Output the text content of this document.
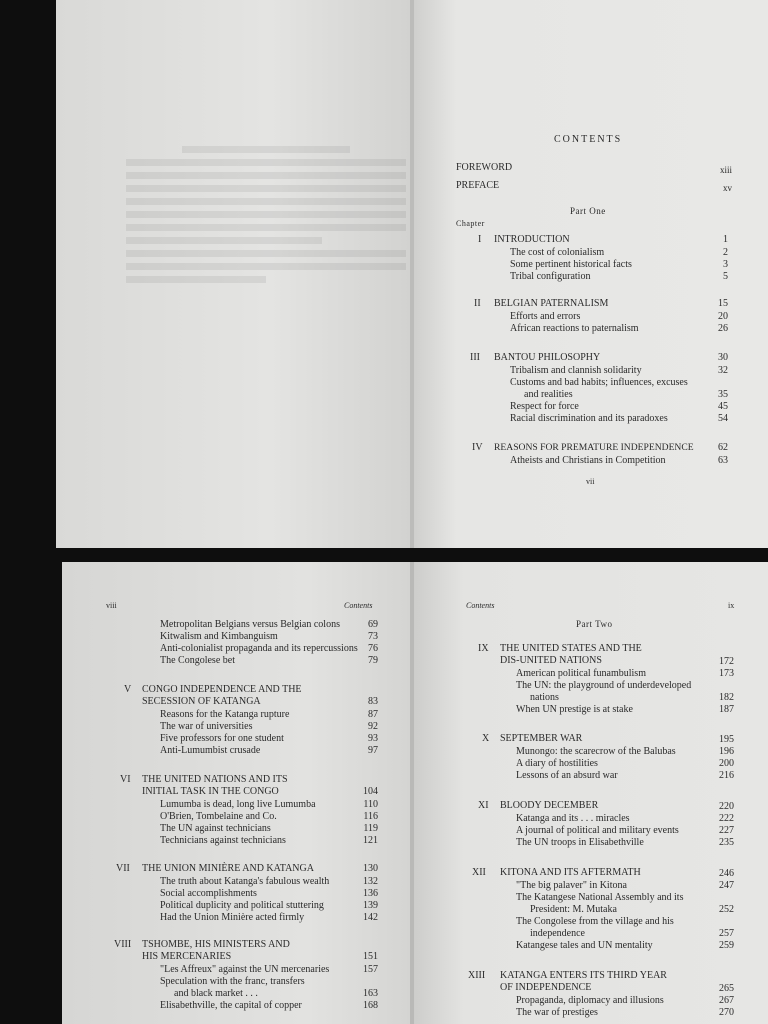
CONTENTS
FOREWORD	xiii
PREFACE	xv
Part One
Chapter
I INTRODUCTION	1
The cost of colonialism	2
Some pertinent historical facts	3
Tribal configuration	5
II BELGIAN PATERNALISM	15
Efforts and errors	20
African reactions to paternalism	26
III BANTOU PHILOSOPHY	30
Tribalism and clannish solidarity	32
Customs and bad habits; influences, excuses
and realities	35
Respect for force	45
Racial discrimination and its paradoxes	54
IV REASONS FOR PREMATURE INDEPENDENCE	62
Atheists and Christians in Competition	63
vii
viii	Contents
Metropolitan Belgians versus Belgian colons	69
Kitwalism and Kimbanguism	73
Anti-colonialist propaganda and its repercussions	76
The Congolese bet	79
V CONGO INDEPENDENCE AND THE
SECESSION OF KATANGA	83
Reasons for the Katanga rupture	87
The war of universities	92
Five professors for one student	93
Anti-Lumumbist crusade	97
VI THE UNITED NATIONS AND ITS
INITIAL TASK IN THE CONGO	104
Lumumba is dead, long live Lumumba	110
O'Brien, Tombelaine and Co.	116
The UN against technicians	119
Technicians against technicians	121
VII THE UNION MINIÈRE AND KATANGA	130
The truth about Katanga's fabulous wealth	132
Social accomplishments	136
Political duplicity and political stuttering	139
Had the Union Minière acted firmly	142
VIII TSHOMBE, HIS MINISTERS AND
HIS MERCENARIES	151
"Les Affreux" against the UN mercenaries	157
Speculation with the franc, transfers
and black market . . .	163
Elisabethville, the capital of copper	168
Contents	ix
Part Two
IX THE UNITED STATES AND THE
DIS-UNITED NATIONS	172
American political funambulism	173
The UN: the playground of underdeveloped
nations	182
When UN prestige is at stake	187
X SEPTEMBER WAR	195
Munongo: the scarecrow of the Balubas	196
A diary of hostilities	200
Lessons of an absurd war	216
XI BLOODY DECEMBER	220
Katanga and its . . . miracles	222
A journal of political and military events	227
The UN troops in Elisabethville	235
XII KITONA AND ITS AFTERMATH	246
"The big palaver" in Kitona	247
The Katangese National Assembly and its
President: M. Mutaka	252
The Congolese from the village and his
independence	257
Katangese tales and UN mentality	259
XIII KATANGA ENTERS ITS THIRD YEAR
OF INDEPENDENCE	265
Propaganda, diplomacy and illusions	267
The war of prestiges	270
